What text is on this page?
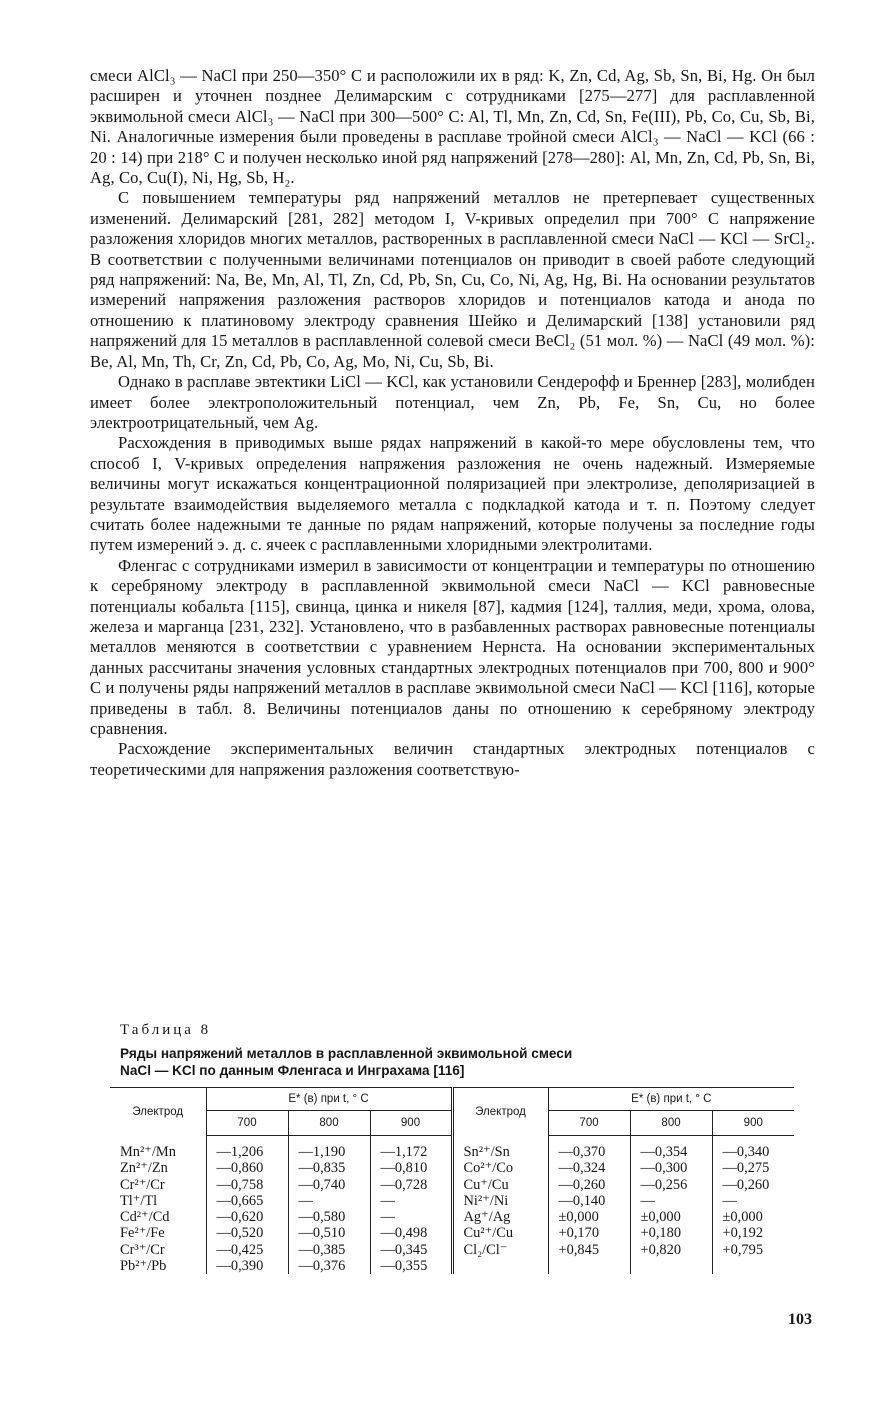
смеси AlCl₃ — NaCl при 250—350° C и расположили их в ряд: K, Zn, Cd, Ag, Sb, Sn, Bi, Hg. Он был расширен и уточнен позднее Делимарским с сотрудниками [275—277] для расплавленной эквимольной смеси AlCl₃ — NaCl при 300—500° C: Al, Tl, Mn, Zn, Cd, Sn, Fe(III), Pb, Co, Cu, Sb, Bi, Ni. Аналогичные измерения были проведены в расплаве тройной смеси AlCl₃ — NaCl — KCl (66 : 20 : 14) при 218° C и получен несколько иной ряд напряжений [278—280]: Al, Mn, Zn, Cd, Pb, Sn, Bi, Ag, Co, Cu(I), Ni, Hg, Sb, H₂.

С повышением температуры ряд напряжений металлов не претерпевает существенных изменений. Делимарский [281, 282] методом I, V-кривых определил при 700° C напряжение разложения хлоридов многих металлов, растворенных в расплавленной смеси NaCl — KCl — SrCl₂. В соответствии с полученными величинами потенциалов он приводит в своей работе следующий ряд напряжений: Na, Be, Mn, Al, Tl, Zn, Cd, Pb, Sn, Cu, Co, Ni, Ag, Hg, Bi. На основании результатов измерений напряжения разложения растворов хлоридов и потенциалов катода и анода по отношению к платиновому электроду сравнения Шейко и Делимарский [138] установили ряд напряжений для 15 металлов в расплавленной солевой смеси BeCl₂ (51 мол. %) — NaCl (49 мол. %): Be, Al, Mn, Th, Cr, Zn, Cd, Pb, Co, Ag, Mo, Ni, Cu, Sb, Bi.

Однако в расплаве эвтектики LiCl — KCl, как установили Сендерофф и Бреннер [283], молибден имеет более электроположительный потенциал, чем Zn, Pb, Fe, Sn, Cu, но более электроотрицательный, чем Ag.

Расхождения в приводимых выше рядах напряжений в какой-то мере обусловлены тем, что способ I, V-кривых определения напряжения разложения не очень надежный. Измеряемые величины могут искажаться концентрационной поляризацией при электролизе, деполяризацией в результате взаимодействия выделяемого металла с подкладкой катода и т. п. Поэтому следует считать более надежными те данные по рядам напряжений, которые получены за последние годы путем измерений э. д. с. ячеек с расплавленными хлоридными электролитами.

Фленгас с сотрудниками измерил в зависимости от концентрации и температуры по отношению к серебряному электроду в расплавленной эквимольной смеси NaCl — KCl равновесные потенциалы кобальта [115], свинца, цинка и никеля [87], кадмия [124], таллия, меди, хрома, олова, железа и марганца [231, 232]. Установлено, что в разбавленных растворах равновесные потенциалы металлов меняются в соответствии с уравнением Нернста. На основании экспериментальных данных рассчитаны значения условных стандартных электродных потенциалов при 700, 800 и 900° C и получены ряды напряжений металлов в расплаве эквимольной смеси NaCl — KCl [116], которые приведены в табл. 8. Величины потенциалов даны по отношению к серебряному электроду сравнения.

Расхождение экспериментальных величин стандартных электродных потенциалов с теоретическими для напряжения разложения соответствую-

Таблица 8
Ряды напряжений металлов в расплавленной эквимольной смеси
NaCl — KCl по данным Фленгаса и Инграхама [116]
Электрод	E* (в) при t, ° C			Электрод	E* (в) при t, ° C		
	700	800	900		700	800	900
Mn²⁺/Mn	—1,206	—1,190	—1,172	Sn²⁺/Sn	—0,370	—0,354	—0,340
Zn²⁺/Zn	—0,860	—0,835	—0,810	Co²⁺/Co	—0,324	—0,300	—0,275
Cr²⁺/Cr	—0,758	—0,740	—0,728	Cu⁺/Cu	—0,260	—0,256	—0,260
Tl⁺/Tl	—0,665	—	—	Ni²⁺/Ni	—0,140	—	—
Cd²⁺/Cd	—0,620	—0,580	—	Ag⁺/Ag	±0,000	±0,000	±0,000
Fe²⁺/Fe	—0,520	—0,510	—0,498	Cu²⁺/Cu	+0,170	+0,180	+0,192
Cr³⁺/Cr	—0,425	—0,385	—0,345	Cl₂/Cl⁻	+0,845	+0,820	+0,795
Pb²⁺/Pb	—0,390	—0,376	—0,355				
103
